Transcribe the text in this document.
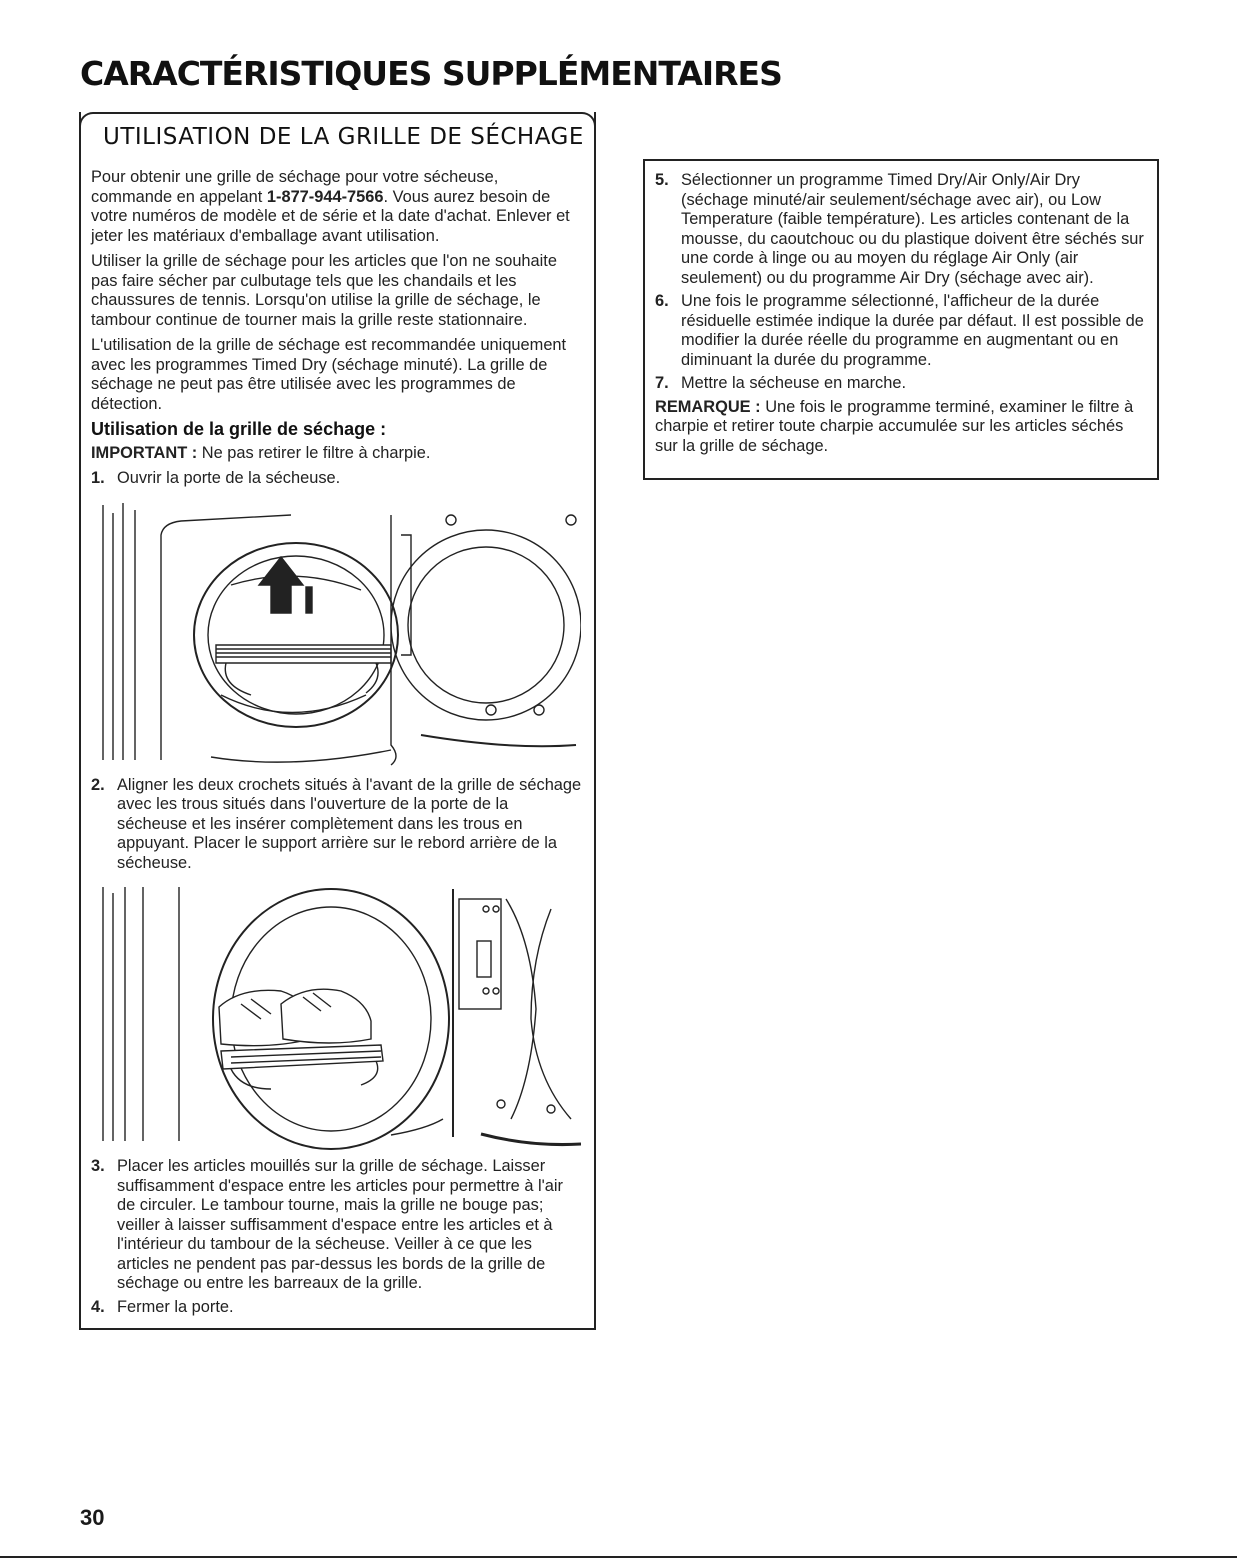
CARACTÉRISTIQUES SUPPLÉMENTAIRES
UTILISATION DE LA GRILLE DE SÉCHAGE

Pour obtenir une grille de séchage pour votre sécheuse, commande en appelant 1-877-944-7566. Vous aurez besoin de votre numéros de modèle et de série et la date d'achat. Enlever et jeter les matériaux d'emballage avant utilisation.

Utiliser la grille de séchage pour les articles que l'on ne souhaite pas faire sécher par culbutage tels que les chandails et les chaussures de tennis. Lorsqu'on utilise la grille de séchage, le tambour continue de tourner mais la grille reste stationnaire.

L'utilisation de la grille de séchage est recommandée uniquement avec les programmes Timed Dry (séchage minuté). La grille de séchage ne peut pas être utilisée avec les programmes de détection.

Utilisation de la grille de séchage :

IMPORTANT : Ne pas retirer le filtre à charpie.

1. Ouvrir la porte de la sécheuse.
2. Aligner les deux crochets situés à l'avant de la grille de séchage avec les trous situés dans l'ouverture de la porte de la sécheuse et les insérer complètement dans les trous en appuyant. Placer le support arrière sur le rebord arrière de la sécheuse.
3. Placer les articles mouillés sur la grille de séchage. Laisser suffisamment d'espace entre les articles pour permettre à l'air de circuler. Le tambour tourne, mais la grille ne bouge pas; veiller à laisser suffisamment d'espace entre les articles et à l'intérieur du tambour de la sécheuse. Veiller à ce que les articles ne pendent pas par-dessus les bords de la grille de séchage ou entre les barreaux de la grille.
4. Fermer la porte.
5. Sélectionner un programme Timed Dry/Air Only/Air Dry (séchage minuté/air seulement/séchage avec air), ou Low Temperature (faible température). Les articles contenant de la mousse, du caoutchouc ou du plastique doivent être séchés sur une corde à linge ou au moyen du réglage Air Only (air seulement) ou du programme Air Dry (séchage avec air).
6. Une fois le programme sélectionné, l'afficheur de la durée résiduelle estimée indique la durée par défaut. Il est possible de modifier la durée réelle du programme en augmentant ou en diminuant la durée du programme.
7. Mettre la sécheuse en marche.

REMARQUE : Une fois le programme terminé, examiner le filtre à charpie et retirer toute charpie accumulée sur les articles séchés sur la grille de séchage.

30
